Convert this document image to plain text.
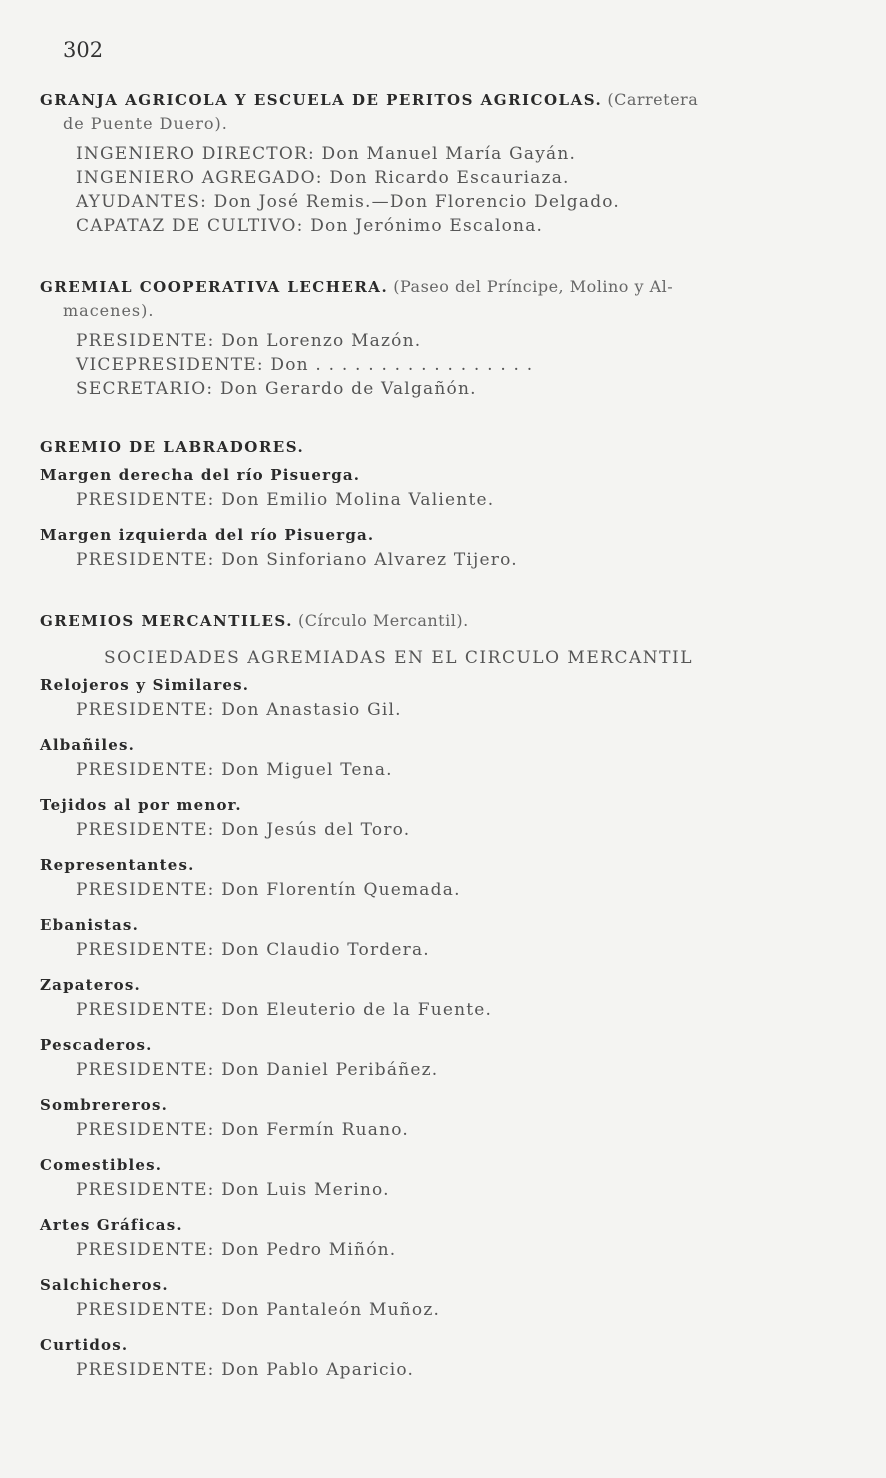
302
GRANJA AGRICOLA Y ESCUELA DE PERITOS AGRICOLAS. (Carretera
de Puente Duero).
INGENIERO DIRECTOR: Don Manuel María Gayán.
INGENIERO AGREGADO: Don Ricardo Escauriaza.
AYUDANTES: Don José Remis.—Don Florencio Delgado.
CAPATAZ DE CULTIVO: Don Jerónimo Escalona.
GREMIAL COOPERATIVA LECHERA. (Paseo del Príncipe, Molino y Al-
macenes).
PRESIDENTE: Don Lorenzo Mazón.
VICEPRESIDENTE: Don . . . . . . . . . . . . . . . . .
SECRETARIO: Don Gerardo de Valgañón.
GREMIO DE LABRADORES.
Margen derecha del río Pisuerga.
PRESIDENTE: Don Emilio Molina Valiente.
Margen izquierda del río Pisuerga.
PRESIDENTE: Don Sinforiano Alvarez Tijero.
GREMIOS MERCANTILES. (Círculo Mercantil).
SOCIEDADES AGREMIADAS EN EL CIRCULO MERCANTIL
Relojeros y Similares.
PRESIDENTE: Don Anastasio Gil.
Albañiles.
PRESIDENTE: Don Miguel Tena.
Tejidos al por menor.
PRESIDENTE: Don Jesús del Toro.
Representantes.
PRESIDENTE: Don Florentín Quemada.
Ebanistas.
PRESIDENTE: Don Claudio Tordera.
Zapateros.
PRESIDENTE: Don Eleuterio de la Fuente.
Pescaderos.
PRESIDENTE: Don Daniel Peribáñez.
Sombrereros.
PRESIDENTE: Don Fermín Ruano.
Comestibles.
PRESIDENTE: Don Luis Merino.
Artes Gráficas.
PRESIDENTE: Don Pedro Miñón.
Salchicheros.
PRESIDENTE: Don Pantaleón Muñoz.
Curtidos.
PRESIDENTE: Don Pablo Aparicio.
